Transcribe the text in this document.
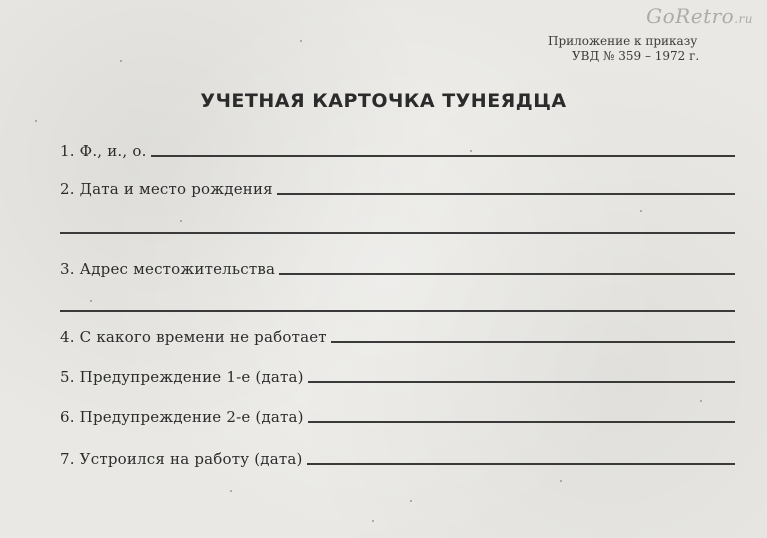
GoRetro.ru
Приложение к приказу
УВД № 359 – 1972 г.
УЧЕТНАЯ КАРТОЧКА ТУНЕЯДЦА
1. Ф., и., о.
2. Дата и место рождения
3. Адрес местожительства
4. С какого времени не работает
5. Предупреждение 1-е (дата)
6. Предупреждение 2-е (дата)
7. Устроился на работу (дата)
